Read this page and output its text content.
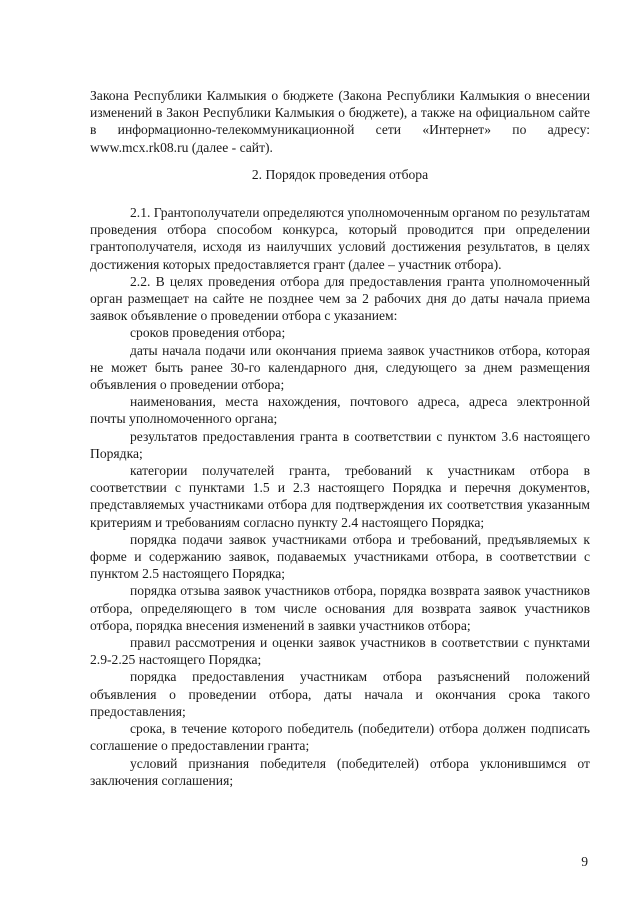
Закона Республики Калмыкия о бюджете (Закона Республики Калмыкия о внесении изменений в Закон Республики Калмыкия о бюджете), а также на официальном сайте в информационно-телекоммуникационной сети «Интернет» по адресу: www.mcx.rk08.ru (далее - сайт).
2. Порядок проведения отбора

2.1. Грантополучатели определяются уполномоченным органом по результатам проведения отбора способом конкурса, который проводится при определении грантополучателя, исходя из наилучших условий достижения результатов, в целях достижения которых предоставляется грант (далее – участник отбора).

2.2. В целях проведения отбора для предоставления гранта уполномоченный орган размещает на сайте не позднее чем за 2 рабочих дня до даты начала приема заявок объявление о проведении отбора с указанием:

сроков проведения отбора;

даты начала подачи или окончания приема заявок участников отбора, которая не может быть ранее 30-го календарного дня, следующего за днем размещения объявления о проведении отбора;

наименования, места нахождения, почтового адреса, адреса электронной почты уполномоченного органа;

результатов предоставления гранта в соответствии с пунктом 3.6 настоящего Порядка;

категории получателей гранта, требований к участникам отбора в соответствии с пунктами 1.5 и 2.3 настоящего Порядка и перечня документов, представляемых участниками отбора для подтверждения их соответствия указанным критериям и требованиям согласно пункту 2.4 настоящего Порядка;

порядка подачи заявок участниками отбора и требований, предъявляемых к форме и содержанию заявок, подаваемых участниками отбора, в соответствии с пунктом 2.5 настоящего Порядка;

порядка отзыва заявок участников отбора, порядка возврата заявок участников отбора, определяющего в том числе основания для возврата заявок участников отбора, порядка внесения изменений в заявки участников отбора;

правил рассмотрения и оценки заявок участников в соответствии с пунктами 2.9-2.25 настоящего Порядка;

порядка предоставления участникам отбора разъяснений положений объявления о проведении отбора, даты начала и окончания срока такого предоставления;

срока, в течение которого победитель (победители) отбора должен подписать соглашение о предоставлении гранта;

условий признания победителя (победителей) отбора уклонившимся от заключения соглашения;

9
